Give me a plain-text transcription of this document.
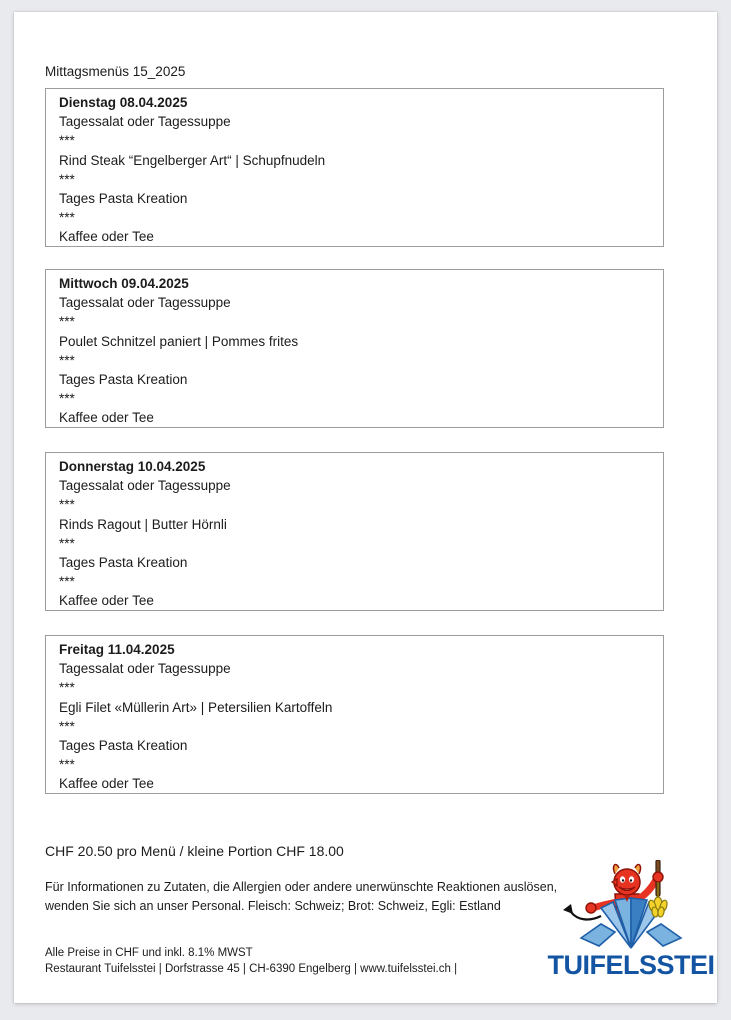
Mittagsmenüs 15_2025
Dienstag 08.04.2025
Tagessalat oder Tagessuppe
***
Rind Steak “Engelberger Art“ | Schupfnudeln
***
Tages Pasta Kreation
***
Kaffee oder Tee
Mittwoch 09.04.2025
Tagessalat oder Tagessuppe
***
Poulet Schnitzel paniert | Pommes frites
***
Tages Pasta Kreation
***
Kaffee oder Tee
Donnerstag 10.04.2025
Tagessalat oder Tagessuppe
***
Rinds Ragout | Butter Hörnli
***
Tages Pasta Kreation
***
Kaffee oder Tee
Freitag 11.04.2025
Tagessalat oder Tagessuppe
***
Egli Filet «Müllerin Art» | Petersilien Kartoffeln
***
Tages Pasta Kreation
***
Kaffee oder Tee
CHF 20.50 pro Menü / kleine Portion CHF 18.00
Für Informationen zu Zutaten, die Allergien oder andere unerwünschte Reaktionen auslösen,
wenden Sie sich an unser Personal. Fleisch: Schweiz; Brot: Schweiz, Egli: Estland
Alle Preise in CHF und inkl. 8.1% MWST
Restaurant Tuifelsstei | Dorfstrasse 45 | CH-6390 Engelberg | www.tuifelsstei.ch |	TUIFELSSTEI
